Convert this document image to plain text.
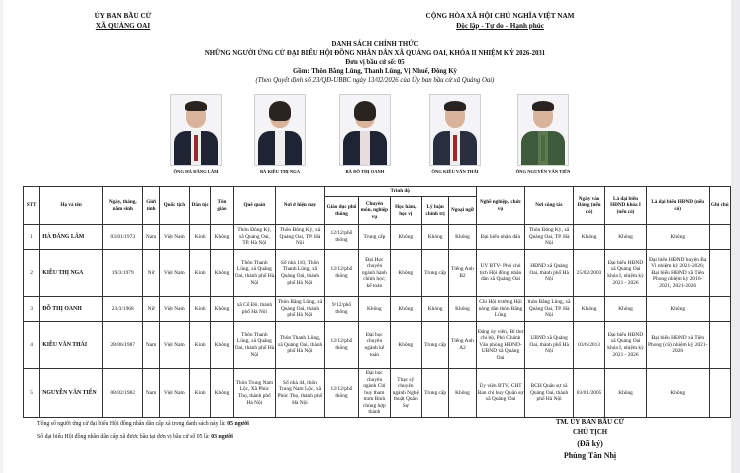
ỦY BAN BẦU CỬ
XÃ QUẢNG OAI
CỘNG HÒA XÃ HỘI CHỦ NGHĨA VIỆT NAM
Độc lập - Tự do - Hạnh phúc
DANH SÁCH CHÍNH THỨC
NHỮNG NGƯỜI ỨNG CỬ ĐẠI BIỂU HỘI ĐỒNG NHÂN DÂN XÃ QUẢNG OAI, KHÓA II NHIỆM KỲ 2026-2031
Đơn vị bầu cử số: 05
Gồm: Thôn Bằng Lũng, Thanh Lũng, Vị Nhuế, Đông Kỳ
(Theo Quyết định số 23/QĐ-UBBC ngày 13/02/2026 của Ủy ban bầu cử xã Quảng Oai)
ÔNG HÀ ĐĂNG LÂM	BÀ KIỀU THỊ NGA	BÀ ĐỖ THỊ OANH	ÔNG KIỀU VĂN THÁI	ÔNG NGUYỄN VĂN TIẾN
STT	Họ và tên	Ngày, tháng, năm sinh	Giới tính	Quốc tịch	Dân tộc	Tôn giáo	Quê quán	Nơi ở hiện nay	Trình độ					Nghề nghiệp, chức vụ	Nơi công tác	Ngày vào Đảng (nếu có)	Là đại biểu HĐND khóa I (nếu có)	Là đại biểu HĐND (nếu có)	Ghi chú
									Giáo dục phổ thông	Chuyên môn, nghiệp vụ	Học hàm, học vị	Lý luận chính trị	Ngoại ngữ						
1	HÀ ĐĂNG LÂM	03/01/1973	Nam	Việt Nam	Kinh	Không	Thôn Đông Kỳ, xã Quảng Oai, TP. Hà Nội	Thôn Đông Kỳ, xã Quảng Oai, TP. Hà Nội	12/12/phổ thông	Trung cấp	Không	Không	Không	Đại biểu nhân dân	Thôn Đông Kỳ, xã Quảng Oai, TP. Hà Nội	Không	Không	Không	
2	KIỀU THỊ NGA	19/3/1979	Nữ	Việt Nam	Kinh	Không	Thôn Thanh Lũng, xã Quảng Oai, thành phố Hà Nội	Số nhà 110, Thôn Thanh Lũng, xã Quảng Oai, thành phố Hà Nội	12/12/phổ thông	Đại Học chuyên ngành hành chính học; kế toán	Không	Trung cấp	Tiếng Anh B2	UV BTV- Phó chủ tịch Hội đồng nhân dân xã Quảng Oai	HĐND xã Quảng Oai, thành phố Hà Nội	25/02/2003	Đại biểu HĐND xã Quảng Oai khóa I, nhiệm kỳ 2021 - 2026	Đại biểu HĐND huyện Ba Vì nhiệm kỳ 2021-2026; Đại biểu HĐND xã Tiên Phong nhiệm kỳ 2016-2021, 2021-2026	
3	ĐỖ THỊ OANH	23/3/1968	Nữ	Việt Nam	Kinh	Không	xã Cổ Đô, thành phố Hà Nội	Thôn Bằng Lũng, xã Quảng Oai, thành phố Hà Nội	9/12/phổ thông	Không	Không	Không	Không	Chi Hội trưởng Hội nông dân thôn Bằng Lũng	thôn Bằng Lũng, xã Quảng Oai, TP. Hà Nội	Không	Không	Không	
4	KIỀU VĂN THÁI	28/06/1987	Nam	Việt Nam	Kinh	Không	Thôn Thanh Lũng, xã Quảng Oai, thành phố Hà Nội	Thôn Thanh Lũng, xã Quảng Oai, thành phố Hà Nội	12/12/phổ thông	Đại học chuyên ngành kế toán	Không	Trung cấp	Tiếng Anh A2	Đảng ủy viên, Bí thư chi bộ, Phó Chánh Văn phòng HĐND-UBND xã Quảng Oai	UBND xã Quảng Oai, thành phố Hà Nội	03/6/2013	Đại biểu HĐND xã Quảng Oai khóa I, nhiệm kỳ 2021 - 2026	Đại biểu HĐND xã Tiên Phong (cũ) nhiệm kỳ 2021-2026	
5	NGUYỄN VĂN TIẾN	08/02/1982	Nam	Việt Nam	Kinh	Không	Thôn Trung Nam Lộc, Xã Phúc Thọ, thành phố Hà Nội	Số nhà 44, thôn Trung Nam Lộc, xã Phúc Thọ, thành phố Hà Nội	12/12/phổ thông	Đại học chuyên ngành Chỉ huy tham mưu Binh chủng hợp thành	Thạc sỹ chuyên ngành Nghệ thuật Quân Sự	Trung cấp	Không	Ủy viên BTV, CHT Ban chỉ huy Quân sự xã Quảng Oai	BCH Quân sự xã Quảng Oai, thành phố Hà Nội	03/01/2005	Không	Không	
Tổng số người ứng cử đại biểu Hội đồng nhân dân cấp xã trong danh sách này là: 05 người
Số đại biểu Hội đồng nhân dân cấp xã được bầu tại đơn vị bầu cử số 05 là: 03 người
TM. ỦY BAN BẦU CỬ
CHỦ TỊCH
(Đã ký)
Phùng Tân Nhị
